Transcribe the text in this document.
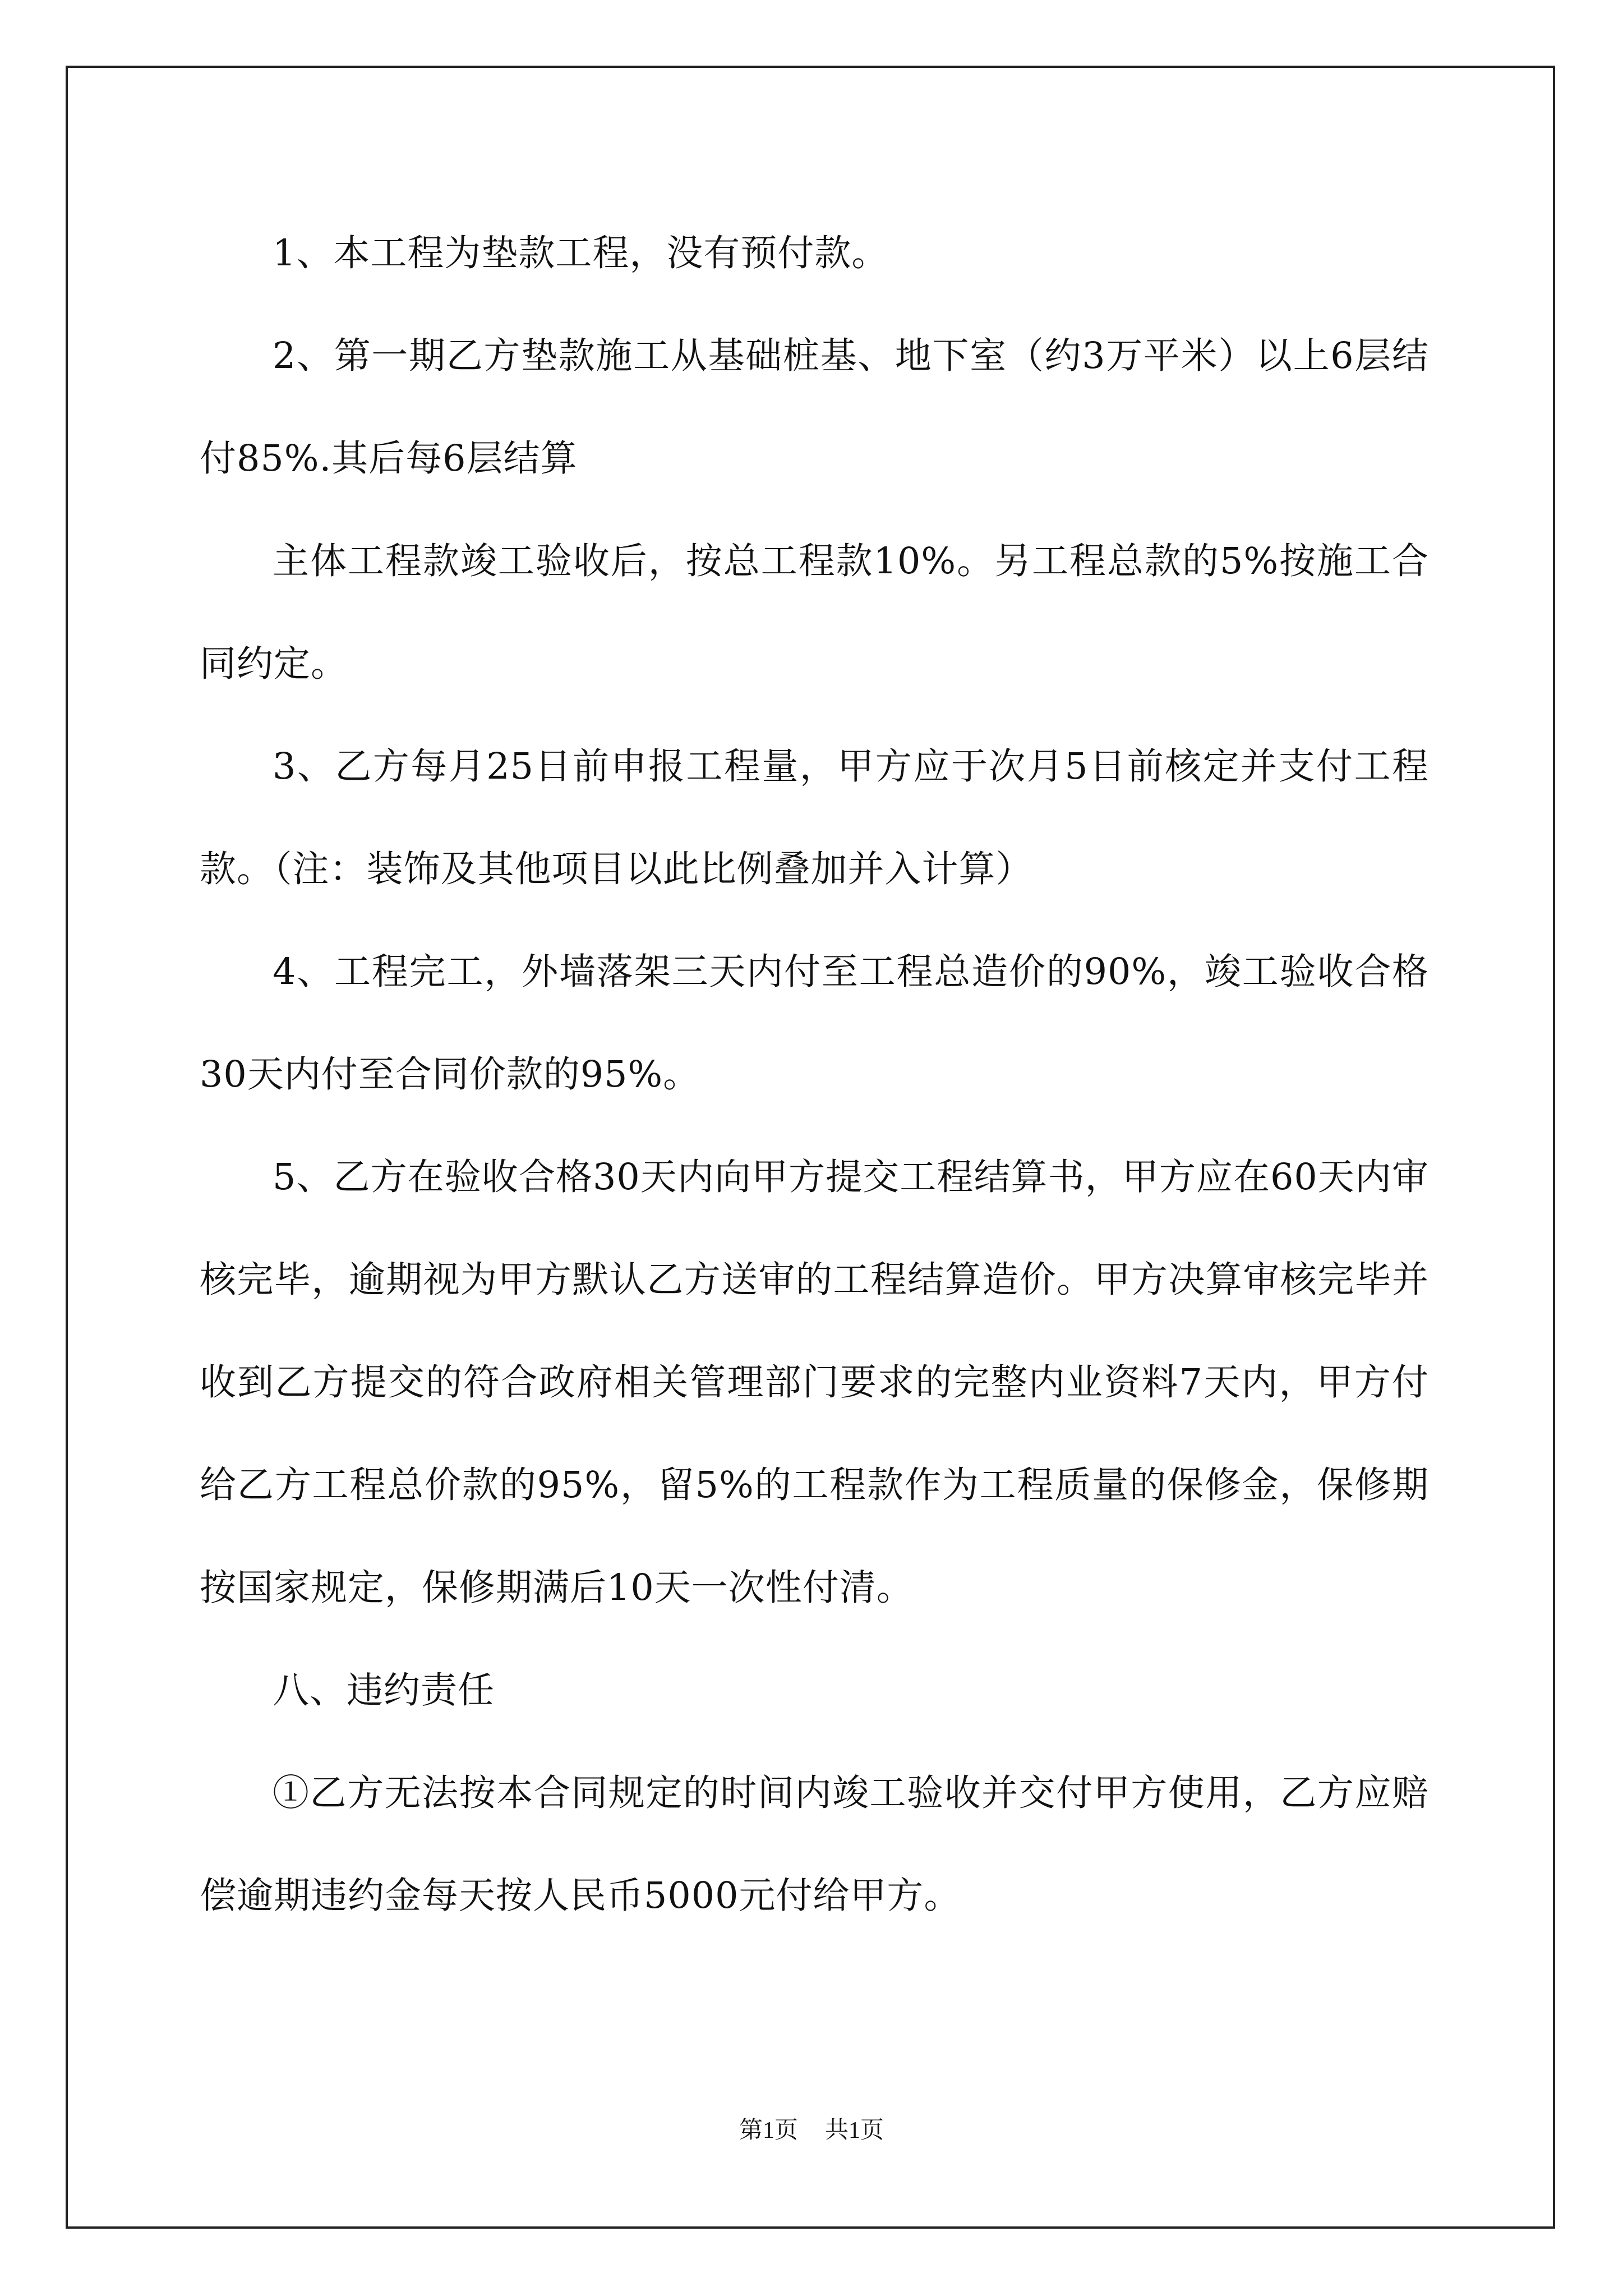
1、本工程为垫款工程，没有预付款。

2、第一期乙方垫款施工从基础桩基、地下室（约3万平米）以上6层结付85%.其后每6层结算

主体工程款竣工验收后，按总工程款10%。另工程总款的5%按施工合同约定。

3、乙方每月25日前申报工程量，甲方应于次月5日前核定并支付工程款。（注：装饰及其他项目以此比例叠加并入计算）

4、工程完工，外墙落架三天内付至工程总造价的90%，竣工验收合格30天内付至合同价款的95%。

5、乙方在验收合格30天内向甲方提交工程结算书，甲方应在60天内审核完毕，逾期视为甲方默认乙方送审的工程结算造价。甲方决算审核完毕并收到乙方提交的符合政府相关管理部门要求的完整内业资料7天内，甲方付给乙方工程总价款的95%，留5%的工程款作为工程质量的保修金，保修期按国家规定，保修期满后10天一次性付清。

八、违约责任

①乙方无法按本合同规定的时间内竣工验收并交付甲方使用，乙方应赔偿逾期违约金每天按人民币5000元付给甲方。

第1页 共1页
